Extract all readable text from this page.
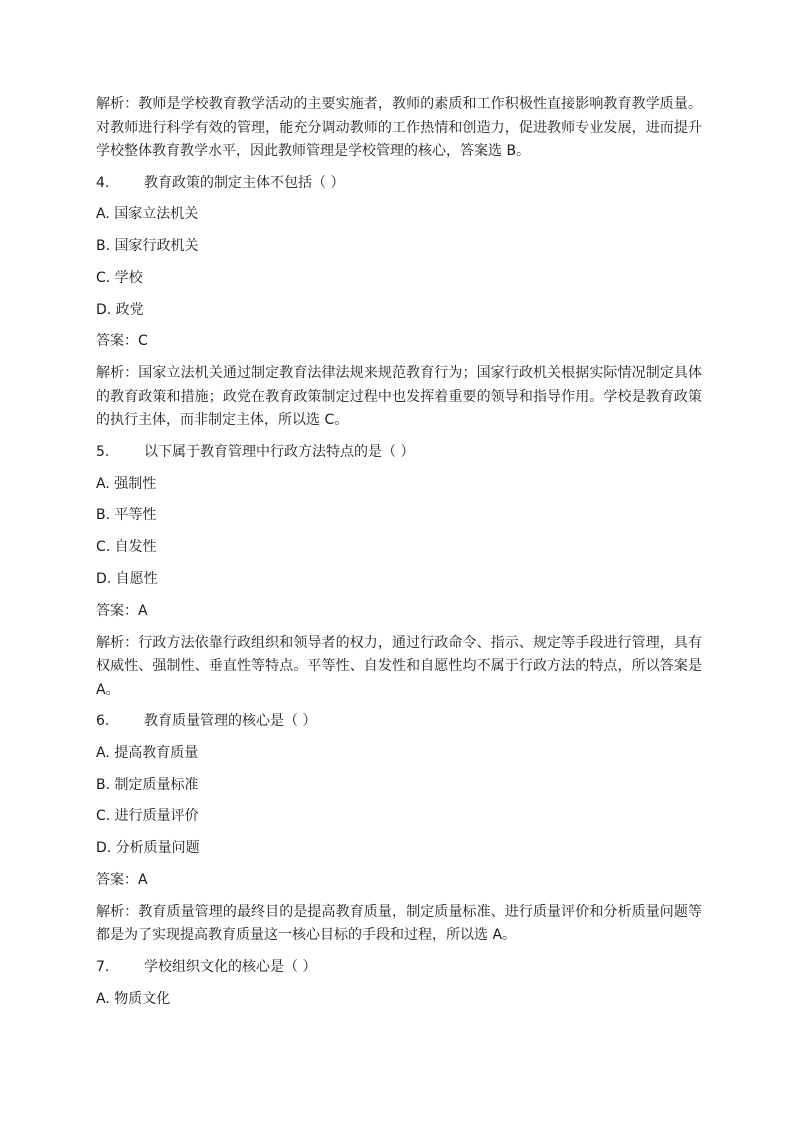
解析：教师是学校教育教学活动的主要实施者，教师的素质和工作积极性直接影响教育教学质量。对教师进行科学有效的管理，能充分调动教师的工作热情和创造力，促进教师专业发展，进而提升学校整体教育教学水平，因此教师管理是学校管理的核心，答案选 B。

4. 教育政策的制定主体不包括（ ）
A. 国家立法机关
B. 国家行政机关
C. 学校
D. 政党
答案：C

解析：国家立法机关通过制定教育法律法规来规范教育行为；国家行政机关根据实际情况制定具体的教育政策和措施；政党在教育政策制定过程中也发挥着重要的领导和指导作用。学校是教育政策的执行主体，而非制定主体，所以选 C。

5. 以下属于教育管理中行政方法特点的是（ ）
A. 强制性
B. 平等性
C. 自发性
D. 自愿性
答案：A

解析：行政方法依靠行政组织和领导者的权力，通过行政命令、指示、规定等手段进行管理，具有权威性、强制性、垂直性等特点。平等性、自发性和自愿性均不属于行政方法的特点，所以答案是 A。

6. 教育质量管理的核心是（ ）
A. 提高教育质量
B. 制定质量标准
C. 进行质量评价
D. 分析质量问题
答案：A

解析：教育质量管理的最终目的是提高教育质量，制定质量标准、进行质量评价和分析质量问题等都是为了实现提高教育质量这一核心目标的手段和过程，所以选 A。

7. 学校组织文化的核心是（ ）
A. 物质文化
